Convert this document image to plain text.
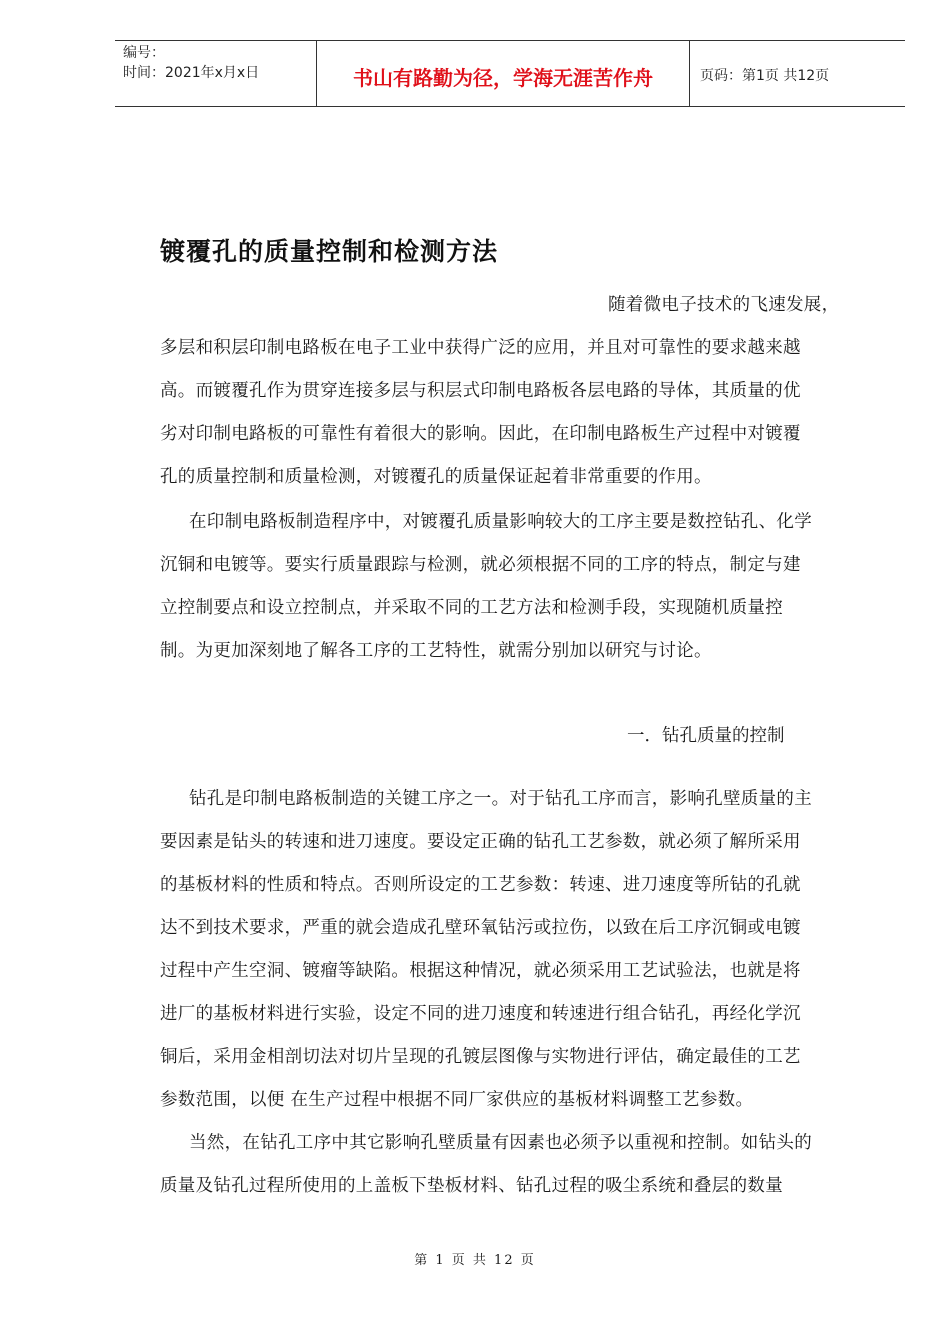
编号：
时间：2021年x月x日	书山有路勤为径，学海无涯苦作舟	页码：第1页 共12页
镀覆孔的质量控制和检测方法
随着微电子技术的飞速发展，
多层和积层印制电路板在电子工业中获得广泛的应用，并且对可靠性的要求越来越
高。而镀覆孔作为贯穿连接多层与积层式印制电路板各层电路的导体，其质量的优
劣对印制电路板的可靠性有着很大的影响。因此，在印制电路板生产过程中对镀覆
孔的质量控制和质量检测，对镀覆孔的质量保证起着非常重要的作用。
在印制电路板制造程序中，对镀覆孔质量影响较大的工序主要是数控钻孔、化学
沉铜和电镀等。要实行质量跟踪与检测，就必须根据不同的工序的特点，制定与建
立控制要点和设立控制点，并采取不同的工艺方法和检测手段，实现随机质量控
制。为更加深刻地了解各工序的工艺特性，就需分别加以研究与讨论。
一．钻孔质量的控制
钻孔是印制电路板制造的关键工序之一。对于钻孔工序而言，影响孔壁质量的主
要因素是钻头的转速和进刀速度。要设定正确的钻孔工艺参数，就必须了解所采用
的基板材料的性质和特点。否则所设定的工艺参数：转速、进刀速度等所钻的孔就
达不到技术要求，严重的就会造成孔壁环氧钻污或拉伤，以致在后工序沉铜或电镀
过程中产生空洞、镀瘤等缺陷。根据这种情况，就必须采用工艺试验法，也就是将
进厂的基板材料进行实验，设定不同的进刀速度和转速进行组合钻孔，再经化学沉
铜后，采用金相剖切法对切片呈现的孔镀层图像与实物进行评估，确定最佳的工艺
参数范围，以便 在生产过程中根据不同厂家供应的基板材料调整工艺参数。
当然，在钻孔工序中其它影响孔壁质量有因素也必须予以重视和控制。如钻头的
质量及钻孔过程所使用的上盖板下垫板材料、钻孔过程的吸尘系统和叠层的数量
第 1 页 共 12 页
